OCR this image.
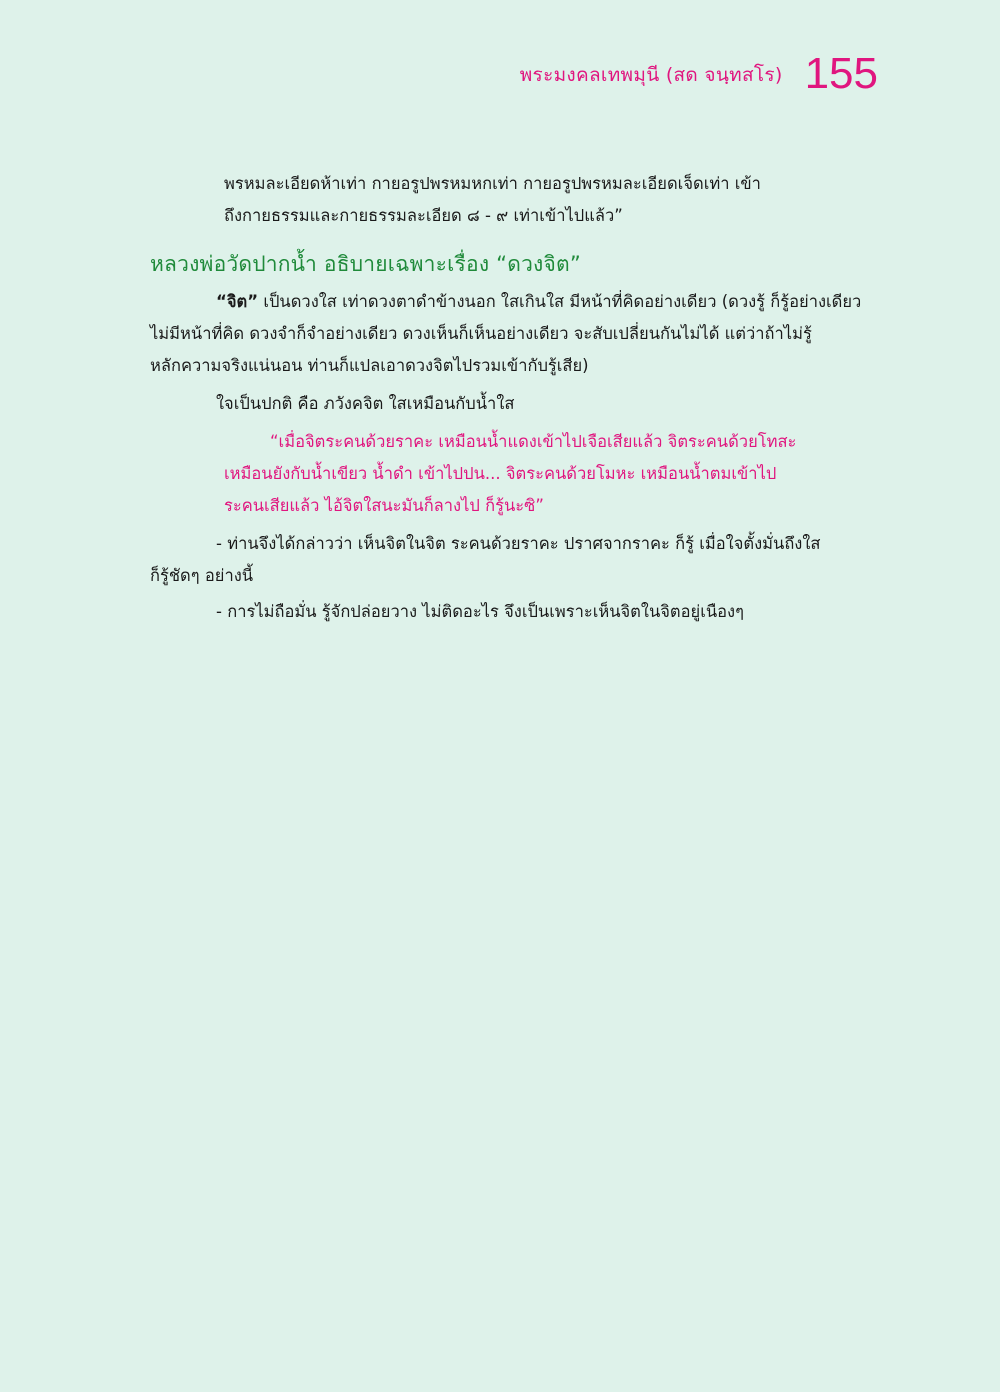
พระมงคลเทพมุนี (สด จนฺทสโร) 155
พรหมละเอียดห้าเท่า กายอรูปพรหมหกเท่า กายอรูปพรหมละเอียดเจ็ดเท่า เข้า
ถึงกายธรรมและกายธรรมละเอียด ๘ - ๙ เท่าเข้าไปแล้ว”
หลวงพ่อวัดปากน้ำ อธิบายเฉพาะเรื่อง “ดวงจิต”
“จิต” เป็นดวงใส เท่าดวงตาดำข้างนอก ใสเกินใส มีหน้าที่คิดอย่างเดียว (ดวงรู้ ก็รู้อย่างเดียว
ไม่มีหน้าที่คิด ดวงจำก็จำอย่างเดียว ดวงเห็นก็เห็นอย่างเดียว จะสับเปลี่ยนกันไม่ได้ แต่ว่าถ้าไม่รู้
หลักความจริงแน่นอน ท่านก็แปลเอาดวงจิตไปรวมเข้ากับรู้เสีย)
ใจเป็นปกติ คือ ภวังคจิต ใสเหมือนกับน้ำใส
“เมื่อจิตระคนด้วยราคะ เหมือนน้ำแดงเข้าไปเจือเสียแล้ว จิตระคนด้วยโทสะ
เหมือนยังกับน้ำเขียว น้ำดำ เข้าไปปน... จิตระคนด้วยโมหะ เหมือนน้ำตมเข้าไป
ระคนเสียแล้ว ไอ้จิตใสนะมันก็ลางไป ก็รู้นะซิ”
- ท่านจึงได้กล่าวว่า เห็นจิตในจิต ระคนด้วยราคะ ปราศจากราคะ ก็รู้ เมื่อใจตั้งมั่นถึงใส
ก็รู้ชัดๆ อย่างนี้
- การไม่ถือมั่น รู้จักปล่อยวาง ไม่ติดอะไร จึงเป็นเพราะเห็นจิตในจิตอยู่เนืองๆ
